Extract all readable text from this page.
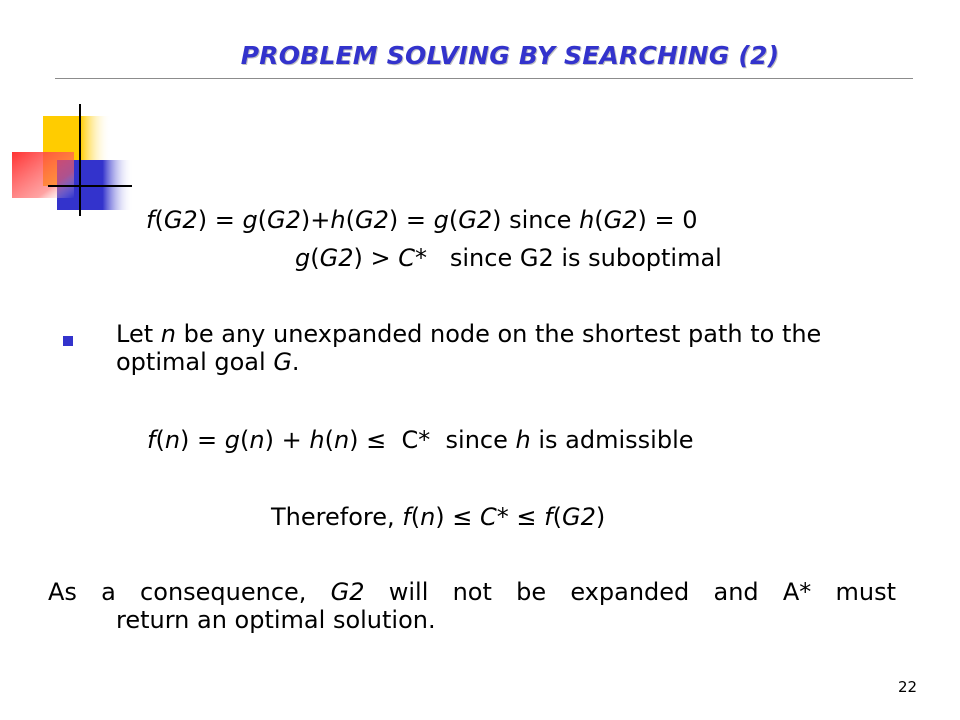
PROBLEM SOLVING BY SEARCHING (2)
f(G2) = g(G2)+h(G2) = g(G2) since h(G2) = 0
g(G2) > C*   since G2 is suboptimal
Let n be any unexpanded node on the shortest path to the optimal goal G.
f(n) = g(n) + h(n) ≤  C*  since h is admissible
Therefore, f(n) ≤ C* ≤ f(G2)
As a consequence, G2 will not be expanded and A* must
return an optimal solution.
22
